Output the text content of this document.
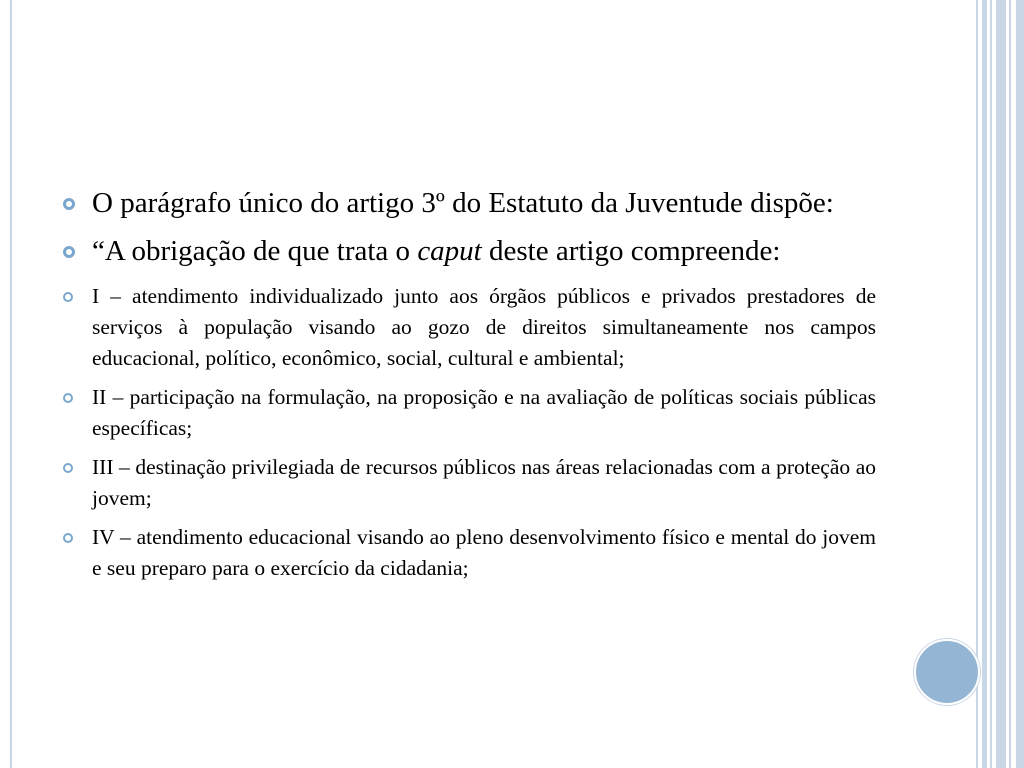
O parágrafo único do artigo 3º do Estatuto da Juventude dispõe:
“A obrigação de que trata o caput deste artigo compreende:
I – atendimento individualizado junto aos órgãos públicos e privados prestadores de serviços à população visando ao gozo de direitos simultaneamente nos campos educacional, político, econômico, social, cultural e ambiental;
II – participação na formulação, na proposição e na avaliação de políticas sociais públicas específicas;
III – destinação privilegiada de recursos públicos nas áreas relacionadas com a proteção ao jovem;
IV – atendimento educacional visando ao pleno desenvolvimento físico e mental do jovem e seu preparo para o exercício da cidadania;
